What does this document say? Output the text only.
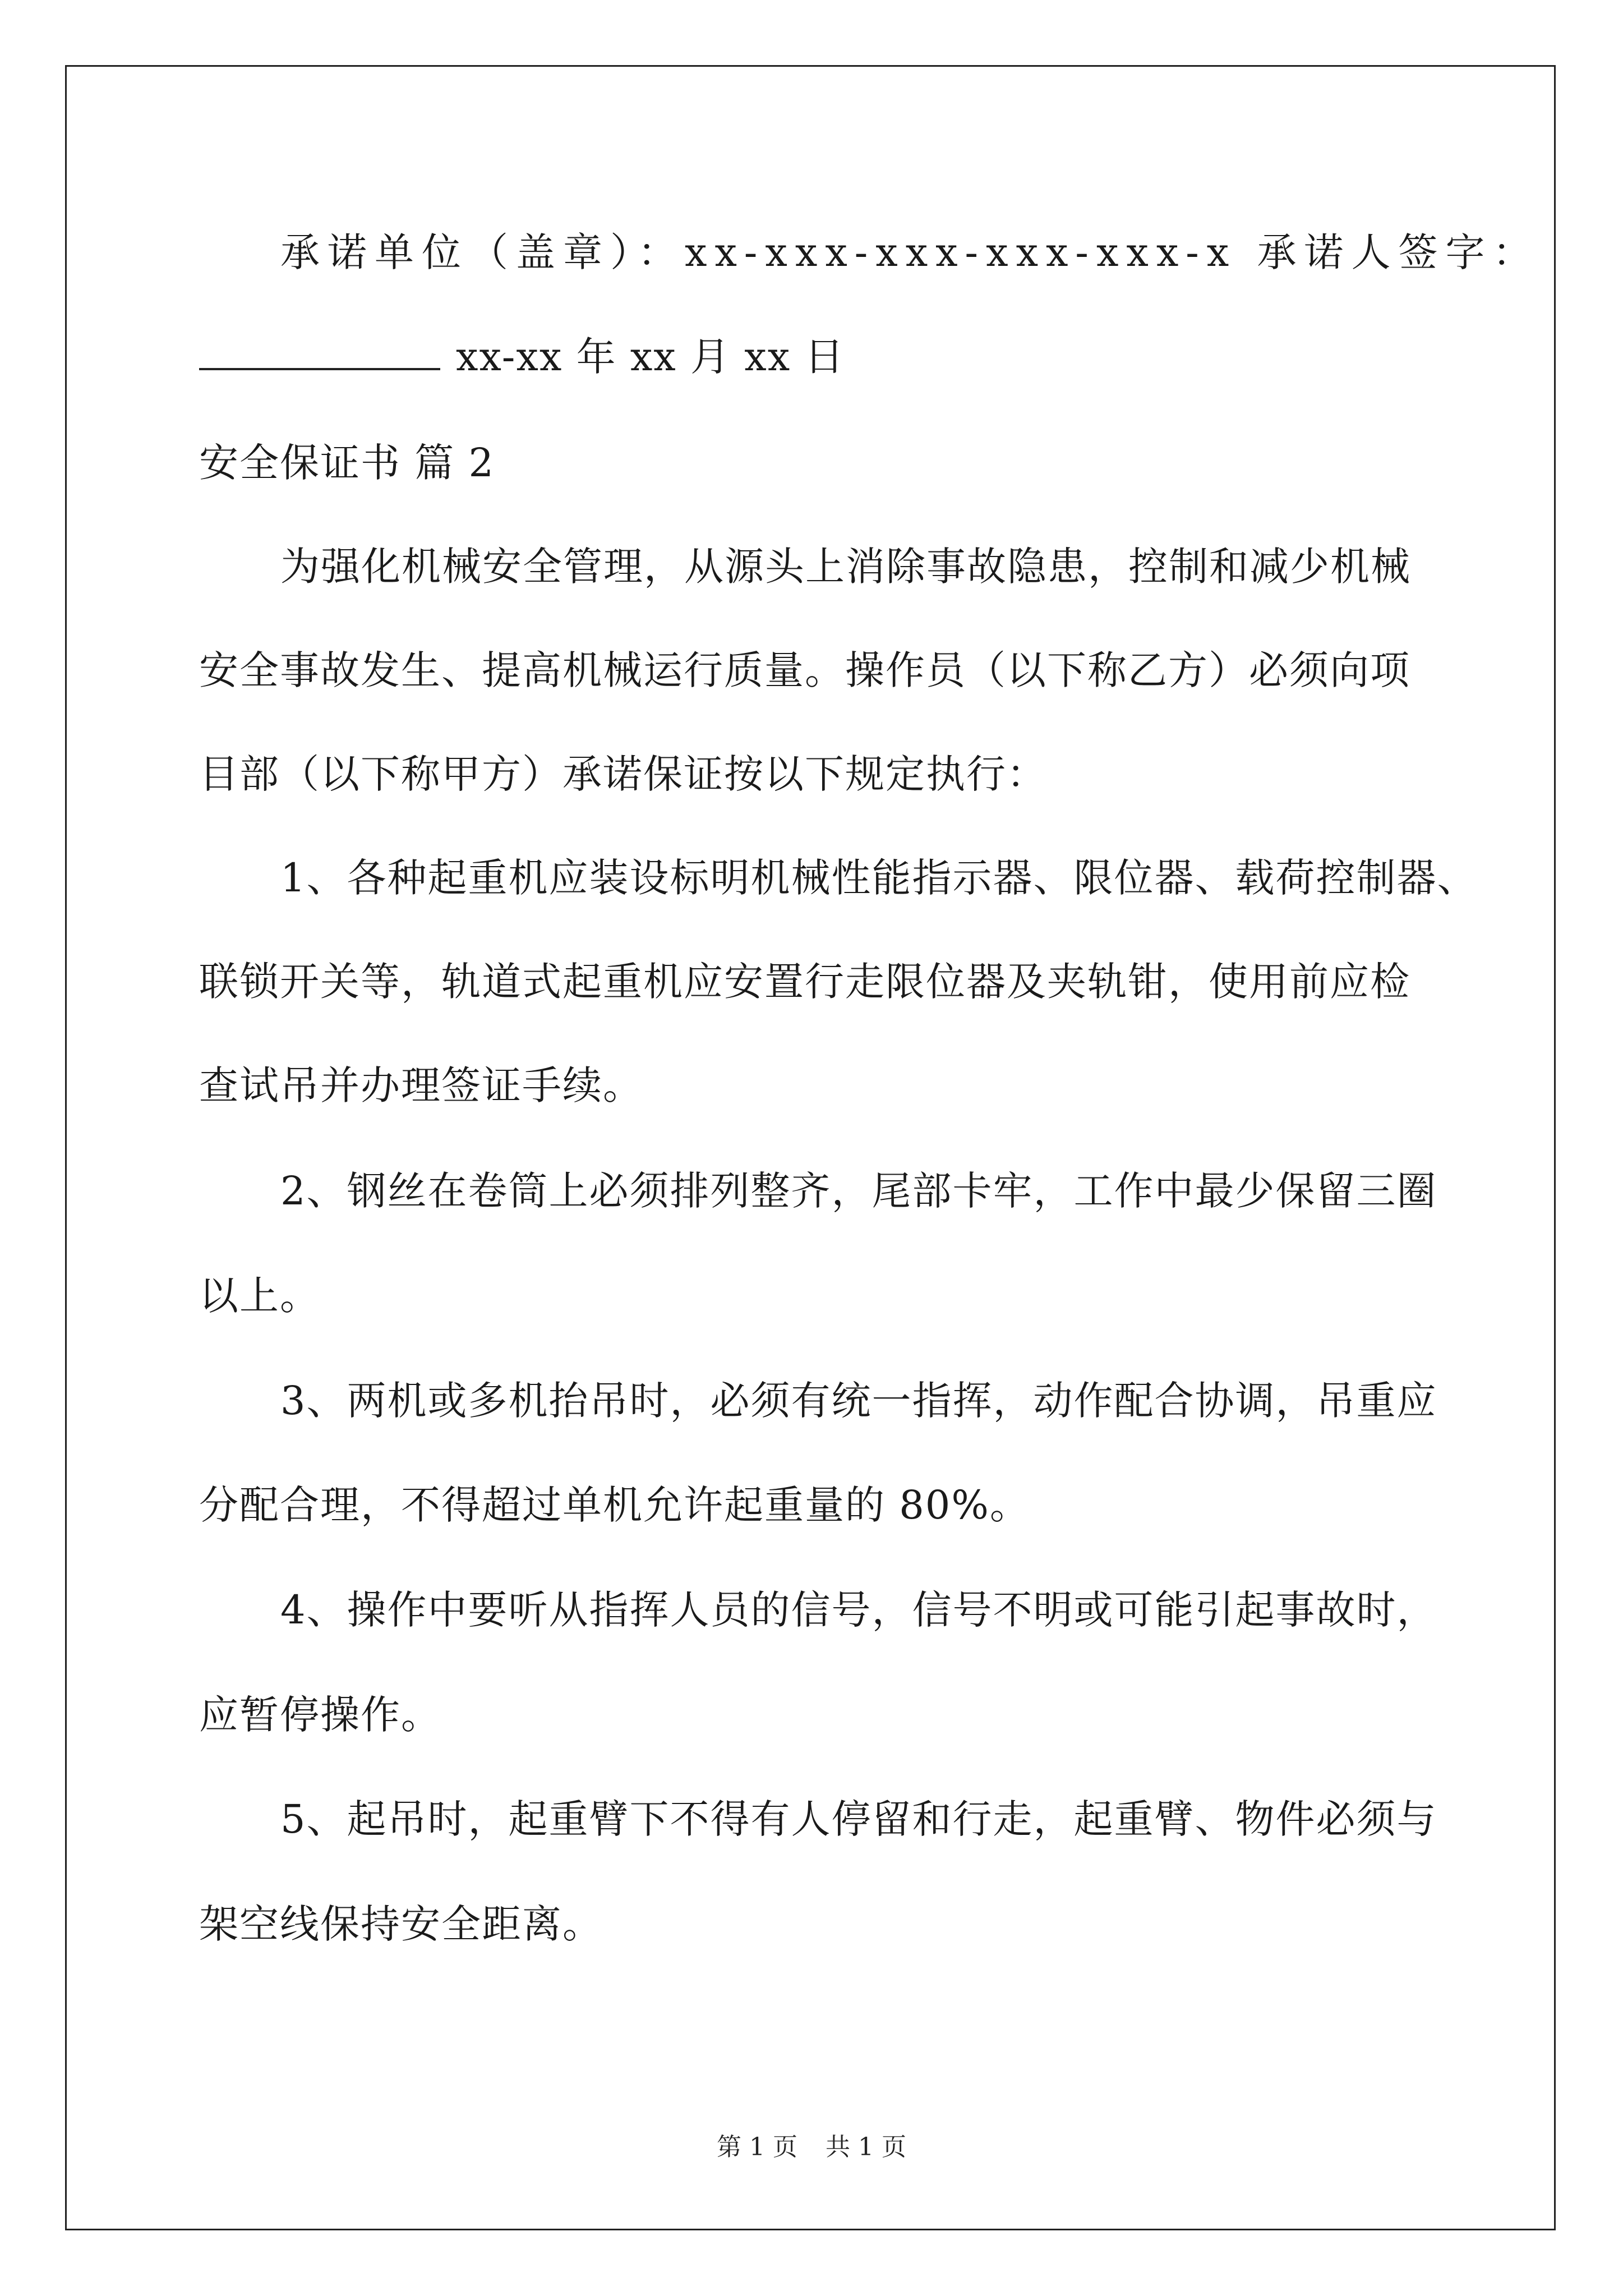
承诺单位（盖章）：xx-xxx-xxx-xxx-xxx-x 承诺人签字：
xx-xx 年 xx 月 xx 日
安全保证书 篇 2
为强化机械安全管理，从源头上消除事故隐患，控制和减少机械
安全事故发生、提高机械运行质量。操作员（以下称乙方）必须向项
目部（以下称甲方）承诺保证按以下规定执行：
1、各种起重机应装设标明机械性能指示器、限位器、载荷控制器、
联锁开关等，轨道式起重机应安置行走限位器及夹轨钳，使用前应检
查试吊并办理签证手续。
2、钢丝在卷筒上必须排列整齐，尾部卡牢，工作中最少保留三圈
以上。
3、两机或多机抬吊时，必须有统一指挥，动作配合协调，吊重应
分配合理，不得超过单机允许起重量的 80%。
4、操作中要听从指挥人员的信号，信号不明或可能引起事故时，
应暂停操作。
5、起吊时，起重臂下不得有人停留和行走，起重臂、物件必须与
架空线保持安全距离。
第 1 页 共 1 页
